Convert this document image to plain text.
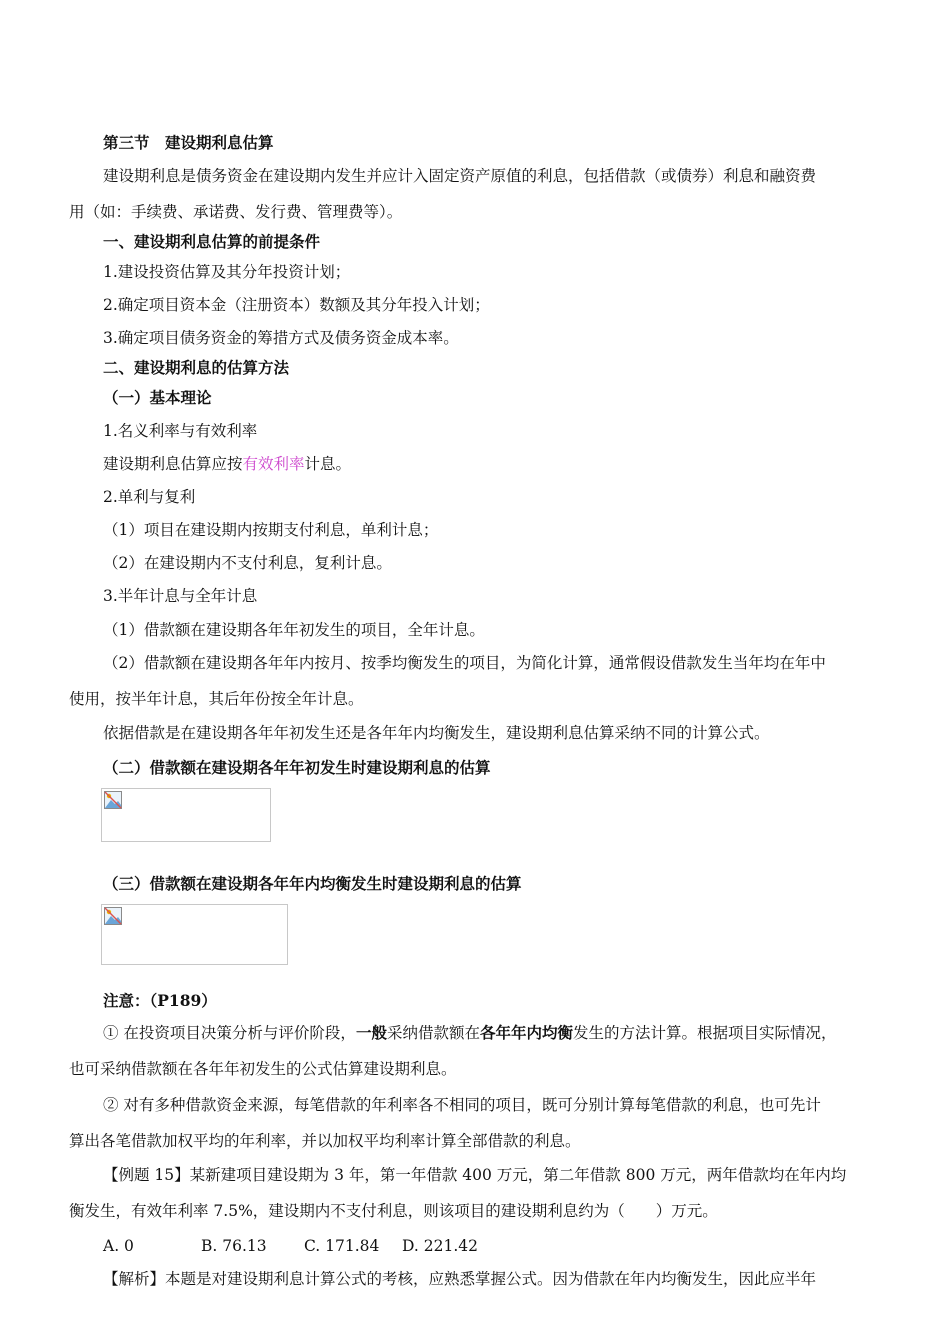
第三节　建设期利息估算
建设期利息是债务资金在建设期内发生并应计入固定资产原值的利息，包括借款（或债券）利息和融资费
用（如：手续费、承诺费、发行费、管理费等）。
一、建设期利息估算的前提条件
1.建设投资估算及其分年投资计划；
2.确定项目资本金（注册资本）数额及其分年投入计划；
3.确定项目债务资金的筹措方式及债务资金成本率。
二、建设期利息的估算方法
（一）基本理论
1.名义利率与有效利率
建设期利息估算应按有效利率计息。
2.单利与复利
（1）项目在建设期内按期支付利息，单利计息；
（2）在建设期内不支付利息，复利计息。
3.半年计息与全年计息
（1）借款额在建设期各年年初发生的项目，全年计息。
（2）借款额在建设期各年年内按月、按季均衡发生的项目，为简化计算，通常假设借款发生当年均在年中
使用，按半年计息，其后年份按全年计息。
依据借款是在建设期各年年初发生还是各年年内均衡发生，建设期利息估算采纳不同的计算公式。
（二）借款额在建设期各年年初发生时建设期利息的估算
（三）借款额在建设期各年年内均衡发生时建设期利息的估算
注意：（P189）
① 在投资项目决策分析与评价阶段，一般采纳借款额在各年年内均衡发生的方法计算。根据项目实际情况，
也可采纳借款额在各年年初发生的公式估算建设期利息。
② 对有多种借款资金来源，每笔借款的年利率各不相同的项目，既可分别计算每笔借款的利息，也可先计
算出各笔借款加权平均的年利率，并以加权平均利率计算全部借款的利息。
【例题 15】某新建项目建设期为 3 年，第一年借款 400 万元，第二年借款 800 万元，两年借款均在年内均
衡发生，有效年利率 7.5%，建设期内不支付利息，则该项目的建设期利息约为（　　）万元。
A. 0	B. 76.13 C. 171.84 D. 221.42
【解析】本题是对建设期利息计算公式的考核，应熟悉掌握公式。因为借款在年内均衡发生，因此应半年
